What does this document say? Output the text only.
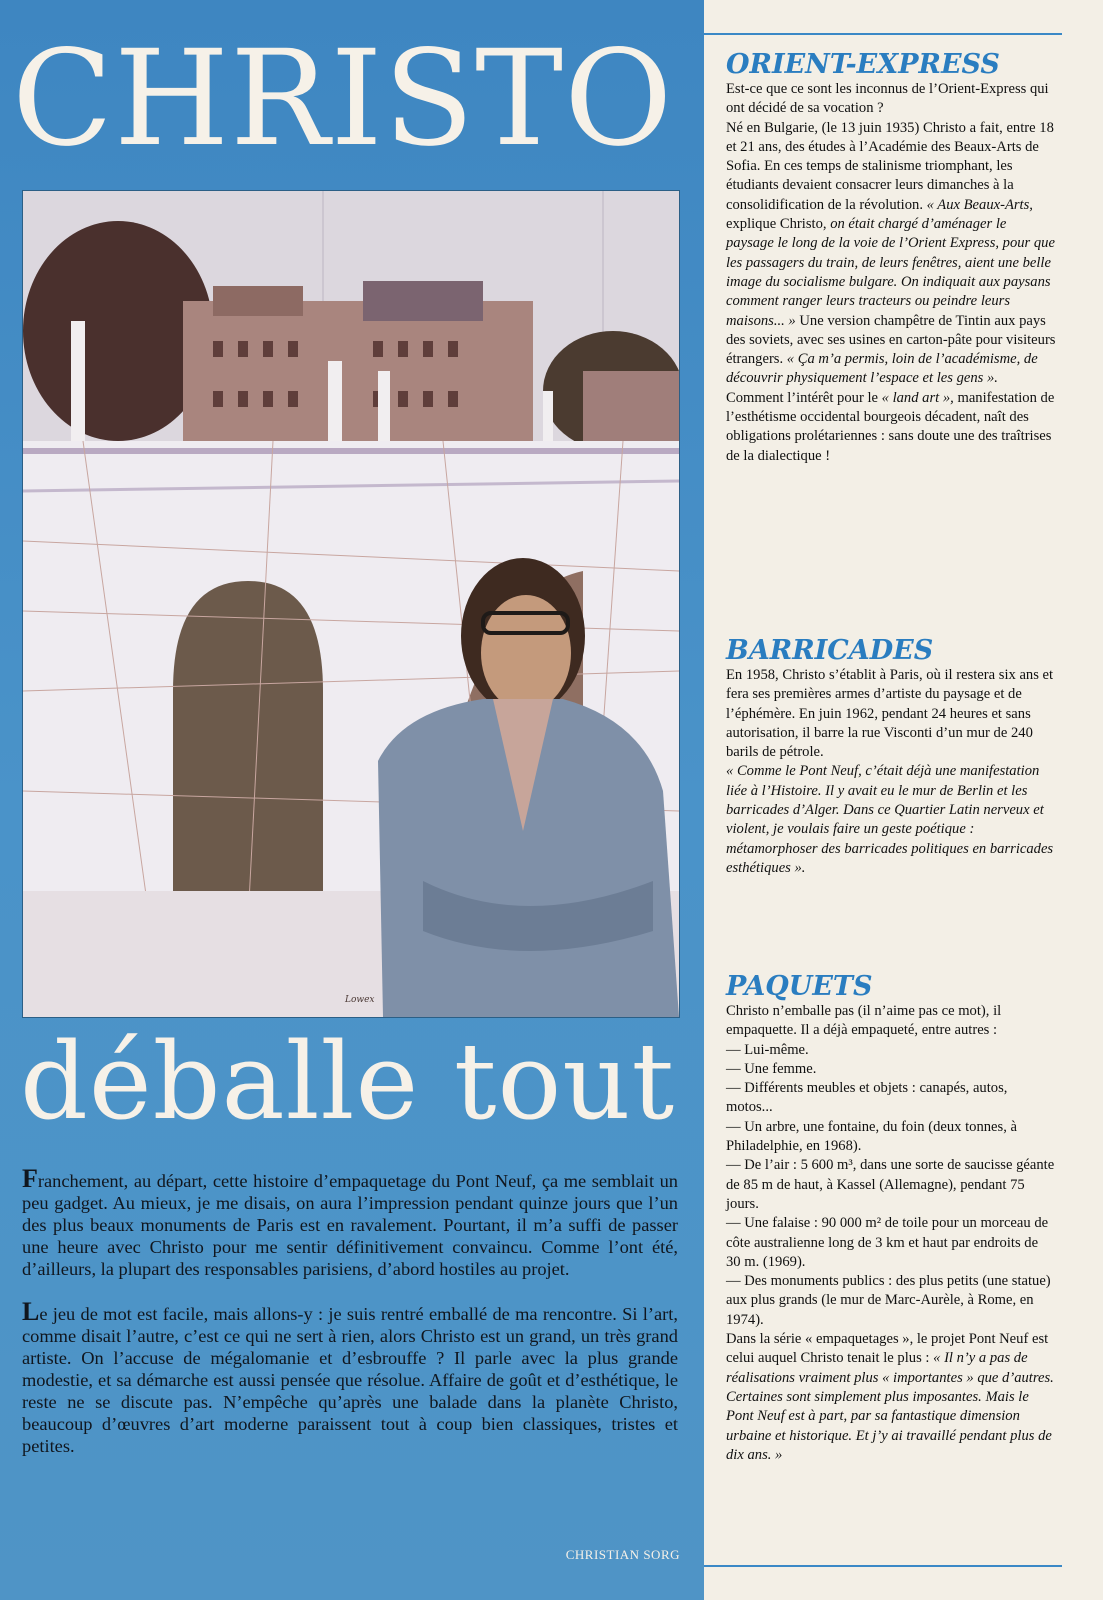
CHRISTO
Lowex
déballe tout

Franchement, au départ, cette histoire d’empaquetage du Pont Neuf, ça me semblait un peu gadget. Au mieux, je me disais, on aura l’impression pendant quinze jours que l’un des plus beaux monuments de Paris est en ravalement. Pourtant, il m’a suffi de passer une heure avec Christo pour me sentir définitivement convaincu. Comme l’ont été, d’ailleurs, la plupart des responsables parisiens, d’abord hostiles au projet.

Le jeu de mot est facile, mais allons-y : je suis rentré emballé de ma rencontre. Si l’art, comme disait l’autre, c’est ce qui ne sert à rien, alors Christo est un grand, un très grand artiste. On l’accuse de mégalomanie et d’esbrouffe ? Il parle avec la plus grande modestie, et sa démarche est aussi pensée que résolue. Affaire de goût et d’esthétique, le reste ne se discute pas. N’empêche qu’après une balade dans la planète Christo, beaucoup d’œuvres d’art moderne paraissent tout à coup bien classiques, tristes et petites.

CHRISTIAN SORG

ORIENT-EXPRESS

Est-ce que ce sont les inconnus de l’Orient-Express qui ont décidé de sa vocation ?

Né en Bulgarie, (le 13 juin 1935) Christo a fait, entre 18 et 21 ans, des études à l’Académie des Beaux-Arts de Sofia. En ces temps de stalinisme triomphant, les étudiants devaient consacrer leurs dimanches à la consolidification de la révolution. « Aux Beaux-Arts, explique Christo, on était chargé d’aménager le paysage le long de la voie de l’Orient Express, pour que les passagers du train, de leurs fenêtres, aient une belle image du socialisme bulgare. On indiquait aux paysans comment ranger leurs tracteurs ou peindre leurs maisons... » Une version champêtre de Tintin aux pays des soviets, avec ses usines en carton-pâte pour visiteurs étrangers. « Ça m’a permis, loin de l’académisme, de découvrir physiquement l’espace et les gens ». Comment l’intérêt pour le « land art », manifestation de l’esthétisme occidental bourgeois décadent, naît des obligations prolétariennes : sans doute une des traîtrises de la dialectique !

BARRICADES

En 1958, Christo s’établit à Paris, où il restera six ans et fera ses premières armes d’artiste du paysage et de l’éphémère. En juin 1962, pendant 24 heures et sans autorisation, il barre la rue Visconti d’un mur de 240 barils de pétrole.

« Comme le Pont Neuf, c’était déjà une manifestation liée à l’Histoire. Il y avait eu le mur de Berlin et les barricades d’Alger. Dans ce Quartier Latin nerveux et violent, je voulais faire un geste poétique : métamorphoser des barricades politiques en barricades esthétiques ».

PAQUETS

Christo n’emballe pas (il n’aime pas ce mot), il empaquette. Il a déjà empaqueté, entre autres :

— Lui-même.

— Une femme.

— Différents meubles et objets : canapés, autos, motos...

— Un arbre, une fontaine, du foin (deux tonnes, à Philadelphie, en 1968).

— De l’air : 5 600 m³, dans une sorte de saucisse géante de 85 m de haut, à Kassel (Allemagne), pendant 75 jours.

— Une falaise : 90 000 m² de toile pour un morceau de côte australienne long de 3 km et haut par endroits de 30 m. (1969).

— Des monuments publics : des plus petits (une statue) aux plus grands (le mur de Marc-Aurèle, à Rome, en 1974).

Dans la série « empaquetages », le projet Pont Neuf est celui auquel Christo tenait le plus : « Il n’y a pas de réalisations vraiment plus « importantes » que d’autres. Certaines sont simplement plus imposantes. Mais le Pont Neuf est à part, par sa fantastique dimension urbaine et historique. Et j’y ai travaillé pendant plus de dix ans. »
